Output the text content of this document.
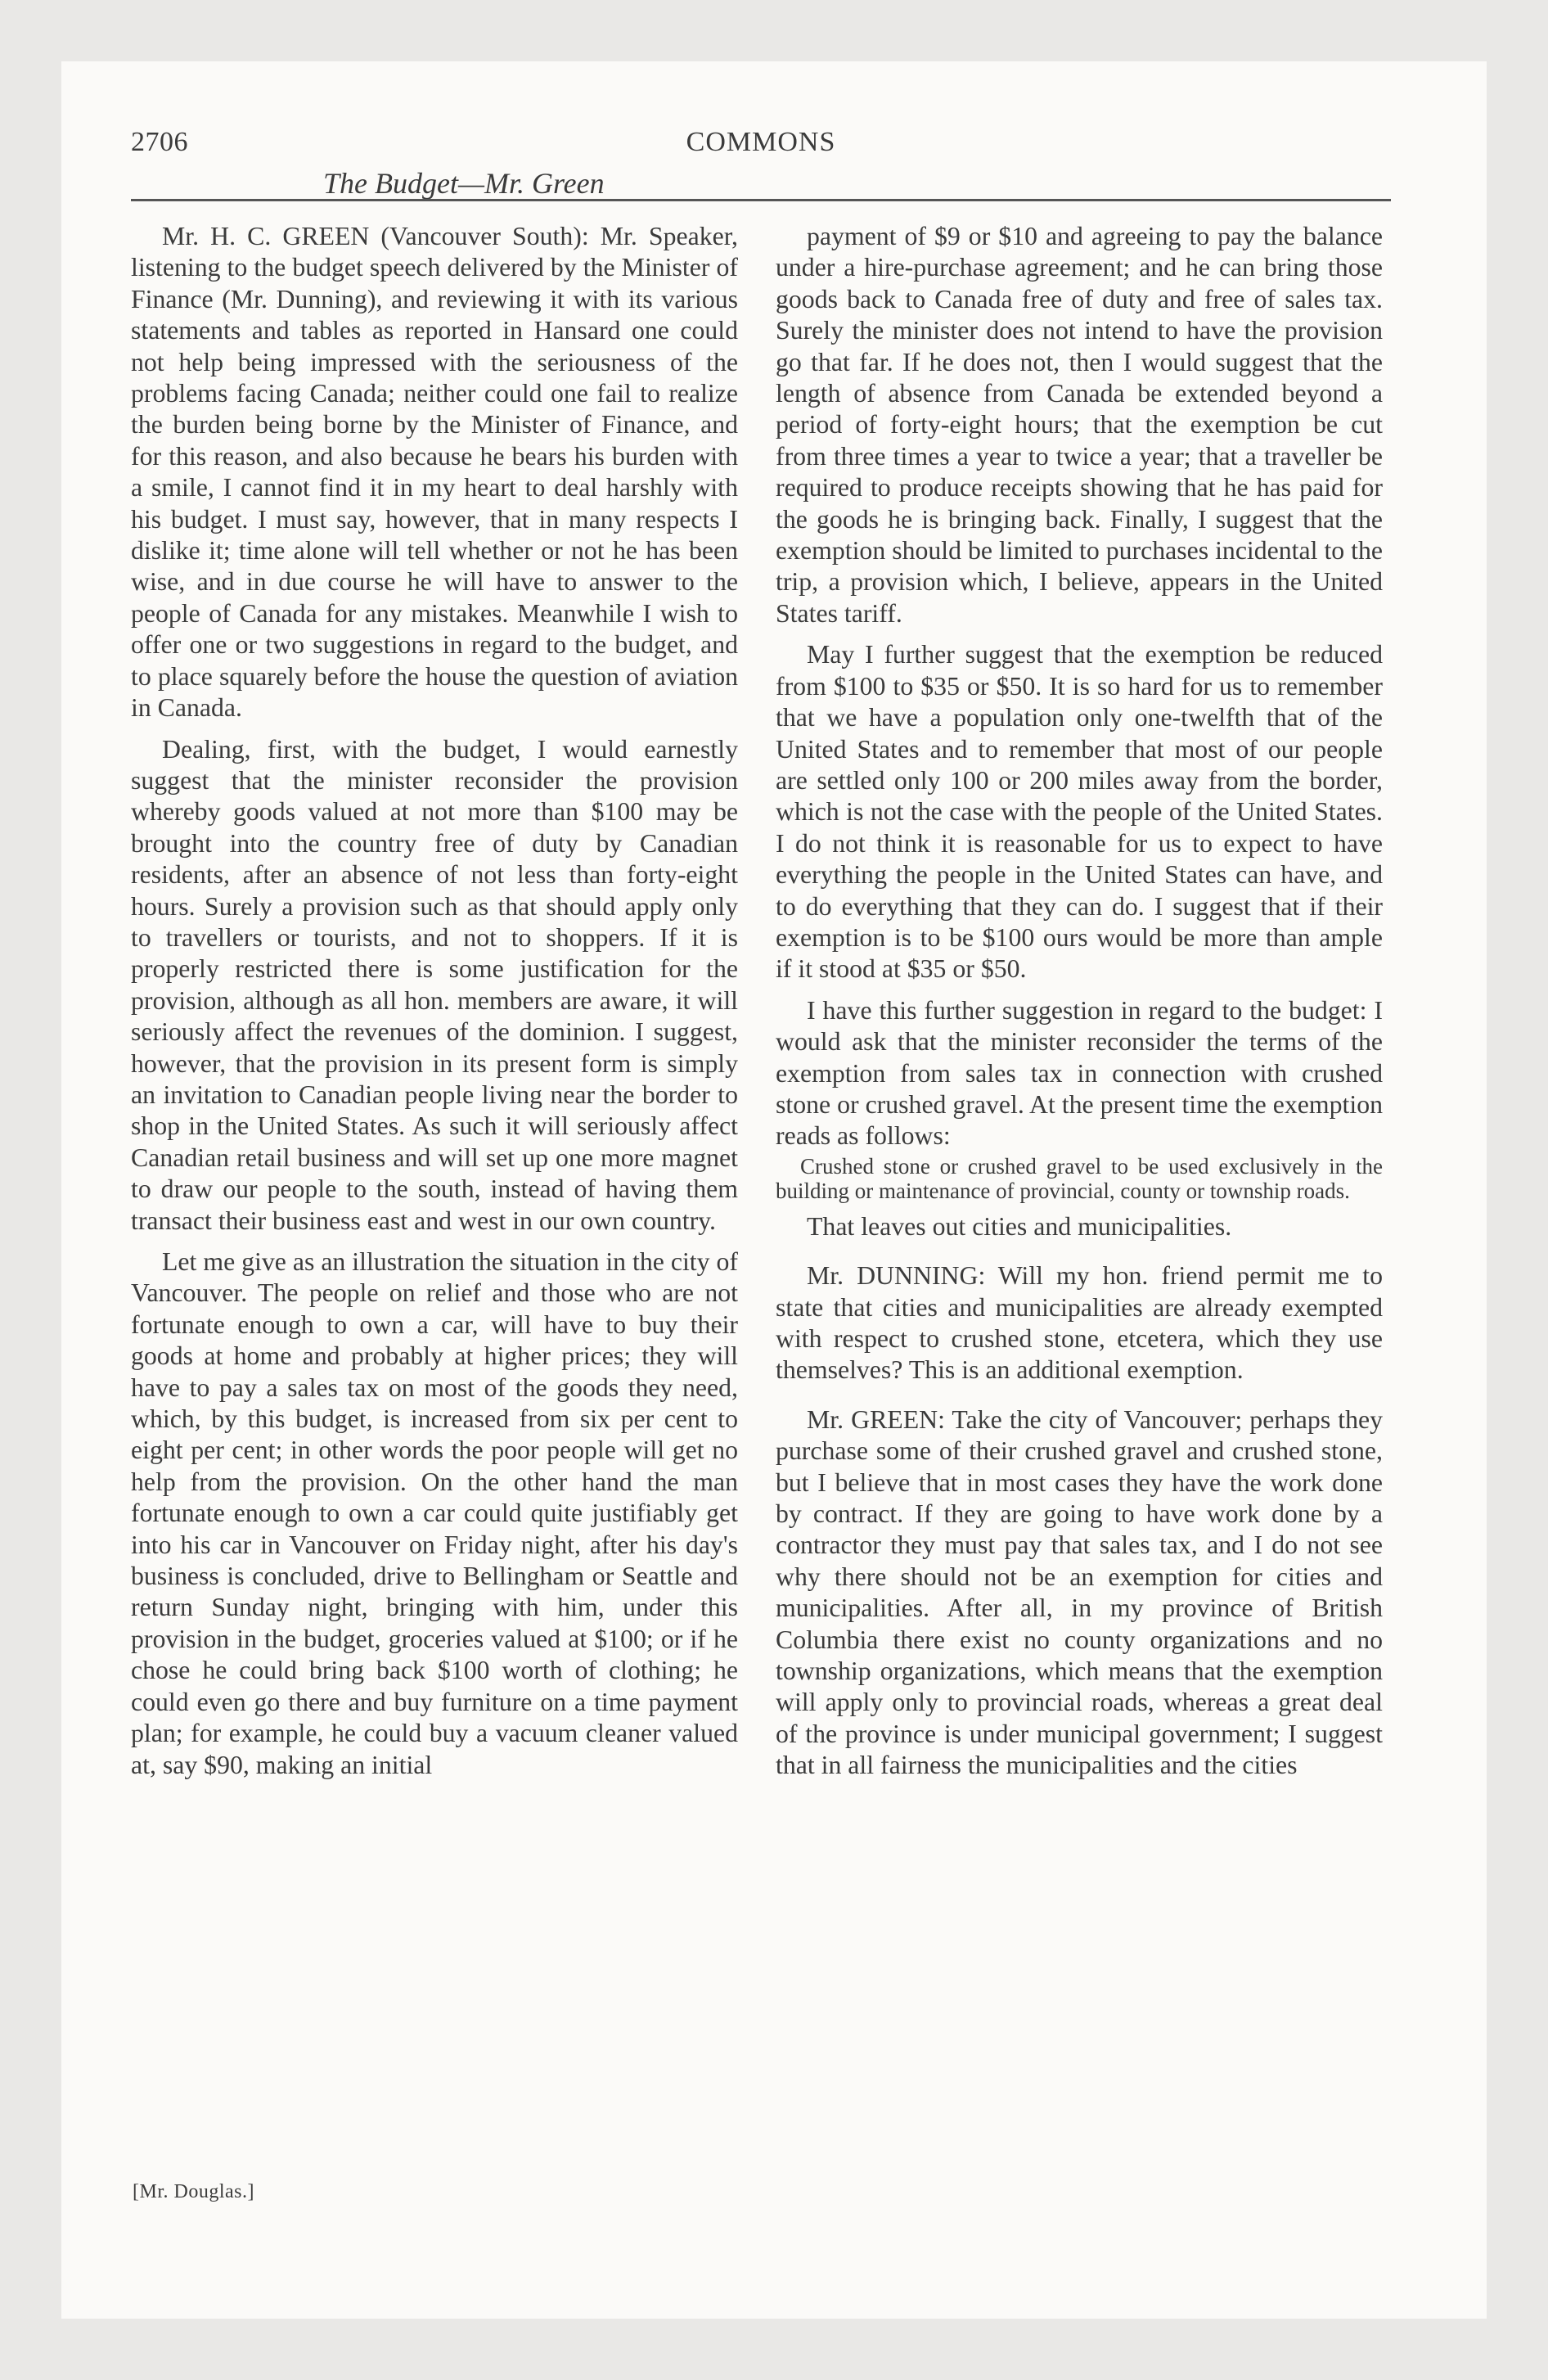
2706	COMMONS
The Budget—Mr. Green

Mr. H. C. GREEN (Vancouver South): Mr. Speaker, listening to the budget speech delivered by the Minister of Finance (Mr. Dunning), and reviewing it with its various statements and tables as reported in Hansard one could not help being impressed with the seriousness of the problems facing Canada; neither could one fail to realize the burden being borne by the Minister of Finance, and for this reason, and also because he bears his burden with a smile, I cannot find it in my heart to deal harshly with his budget. I must say, however, that in many respects I dislike it; time alone will tell whether or not he has been wise, and in due course he will have to answer to the people of Canada for any mistakes. Meanwhile I wish to offer one or two suggestions in regard to the budget, and to place squarely before the house the question of aviation in Canada.

Dealing, first, with the budget, I would earnestly suggest that the minister reconsider the provision whereby goods valued at not more than $100 may be brought into the country free of duty by Canadian residents, after an absence of not less than forty-eight hours. Surely a provision such as that should apply only to travellers or tourists, and not to shoppers. If it is properly restricted there is some justification for the provision, although as all hon. members are aware, it will seriously affect the revenues of the dominion. I suggest, however, that the provision in its present form is simply an invitation to Canadian people living near the border to shop in the United States. As such it will seriously affect Canadian retail business and will set up one more magnet to draw our people to the south, instead of having them transact their business east and west in our own country.

Let me give as an illustration the situation in the city of Vancouver. The people on relief and those who are not fortunate enough to own a car, will have to buy their goods at home and probably at higher prices; they will have to pay a sales tax on most of the goods they need, which, by this budget, is increased from six per cent to eight per cent; in other words the poor people will get no help from the provision. On the other hand the man fortunate enough to own a car could quite justifiably get into his car in Vancouver on Friday night, after his day's business is concluded, drive to Bellingham or Seattle and return Sunday night, bringing with him, under this provision in the budget, groceries valued at $100; or if he chose he could bring back $100 worth of clothing; he could even go there and buy furniture on a time payment plan; for example, he could buy a vacuum cleaner valued at, say $90, making an initial

payment of $9 or $10 and agreeing to pay the balance under a hire-purchase agreement; and he can bring those goods back to Canada free of duty and free of sales tax. Surely the minister does not intend to have the provision go that far. If he does not, then I would suggest that the length of absence from Canada be extended beyond a period of forty-eight hours; that the exemption be cut from three times a year to twice a year; that a traveller be required to produce receipts showing that he has paid for the goods he is bringing back. Finally, I suggest that the exemption should be limited to purchases incidental to the trip, a provision which, I believe, appears in the United States tariff.

May I further suggest that the exemption be reduced from $100 to $35 or $50. It is so hard for us to remember that we have a population only one-twelfth that of the United States and to remember that most of our people are settled only 100 or 200 miles away from the border, which is not the case with the people of the United States. I do not think it is reasonable for us to expect to have everything the people in the United States can have, and to do everything that they can do. I suggest that if their exemption is to be $100 ours would be more than ample if it stood at $35 or $50.

I have this further suggestion in regard to the budget: I would ask that the minister reconsider the terms of the exemption from sales tax in connection with crushed stone or crushed gravel. At the present time the exemption reads as follows:

Crushed stone or crushed gravel to be used exclusively in the building or maintenance of provincial, county or township roads.

That leaves out cities and municipalities.

Mr. DUNNING: Will my hon. friend permit me to state that cities and municipalities are already exempted with respect to crushed stone, etcetera, which they use themselves? This is an additional exemption.

Mr. GREEN: Take the city of Vancouver; perhaps they purchase some of their crushed gravel and crushed stone, but I believe that in most cases they have the work done by contract. If they are going to have work done by a contractor they must pay that sales tax, and I do not see why there should not be an exemption for cities and municipalities. After all, in my province of British Columbia there exist no county organizations and no township organizations, which means that the exemption will apply only to provincial roads, whereas a great deal of the province is under municipal government; I suggest that in all fairness the municipalities and the cities

[Mr. Douglas.]
